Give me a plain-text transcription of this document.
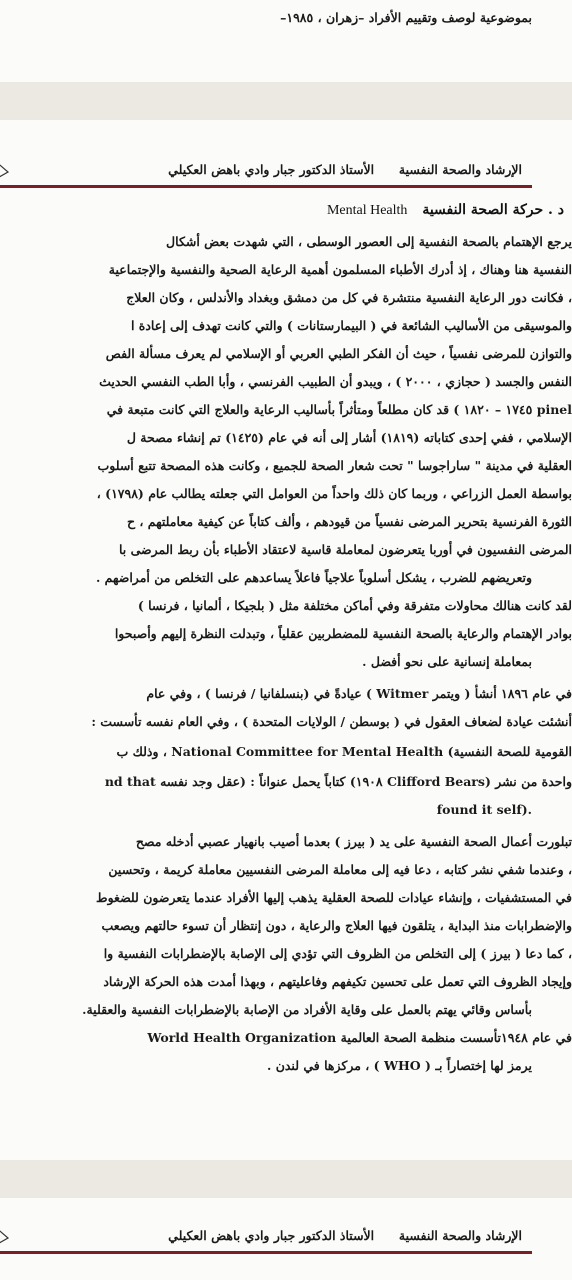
بموضوعية لوصف وتقييم الأفراد –زهران ، ١٩٨٥–
الإرشاد والصحة النفسية  الأستاذ الدكتور جبار وادي باهض العكيلي
د . حركة الصحة النفسية Mental Health
يرجع الإهتمام بالصحة النفسية إلى العصور الوسطى ، التي شهدت بعض أشكال
النفسية هنا وهناك ، إذ أدرك الأطباء المسلمون أهمية الرعاية الصحية والنفسية والإجتماعية
، فكانت دور الرعاية النفسية منتشرة في كل من دمشق وبغداد والأندلس ، وكان العلاج
والموسيقى من الأساليب الشائعة في ( البيمارستانات ) والتي كانت تهدف إلى إعادة ا
والتوازن للمرضى نفسياً ، حيث أن الفكر الطبي العربي أو الإسلامي لم يعرف مسألة الفص
النفس والجسد ( حجازي ، ٢٠٠٠ ) ، ويبدو أن الطبيب الفرنسي ، وأبا الطب النفسي الحديث
pinel ١٧٤٥ – ١٨٢٠ ) قد كان مطلعاً ومتأثراً بأساليب الرعاية والعلاج التي كانت متبعة في
الإسلامي ، ففي إحدى كتاباته (١٨١٩) أشار إلى أنه في عام (١٤٢٥) تم إنشاء مصحة ل
العقلية في مدينة " ساراجوسا " تحت شعار الصحة للجميع ، وكانت هذه المصحة تتبع أسلوب
بواسطة العمل الزراعي ، وربما كان ذلك واحداً من العوامل التي جعلته يطالب عام (١٧٩٨) ،
الثورة الفرنسية بتحرير المرضى نفسياً من قيودهم ، وألف كتاباً عن كيفية معاملتهم ، ح
المرضى النفسيون في أوربا يتعرضون لمعاملة قاسية لاعتقاد الأطباء بأن ربط المرضى با
وتعريضهم للضرب ، يشكل أسلوباً علاجياً فاعلاً يساعدهم على التخلص من أمراضهم .
لقد كانت هنالك محاولات متفرقة وفي أماكن مختلفة مثل ( بلجيكا ، ألمانيا ، فرنسا )
بوادر الإهتمام والرعاية بالصحة النفسية للمضطربين عقلياً ، وتبدلت النظرة إليهم وأصبحوا
بمعاملة إنسانية على نحو أفضل .
في عام ١٨٩٦ أنشأ ( ويتمر Witmer ) عيادةً في (بنسلفانيا / فرنسا ) ، وفي عام
أنشئت عيادة لضعاف العقول في ( بوسطن / الولايات المتحدة ) ، وفي العام نفسه تأسست :
القومية للصحة النفسية) National Committee for Mental Health ، وذلك ب
واحدة من نشر (Clifford Bears ١٩٠٨) كتاباً يحمل عنواناً : (عقل وجد نفسه nd that
.(found it self
تبلورت أعمال الصحة النفسية على يد ( بيرز ) بعدما أصيب بانهيار عصبي أدخله مصح
، وعندما شفي نشر كتابه ، دعا فيه إلى معاملة المرضى النفسيين معاملة كريمة ، وتحسين
في المستشفيات ، وإنشاء عيادات للصحة العقلية يذهب إليها الأفراد عندما يتعرضون للضغوط
والإضطرابات منذ البداية ، يتلقون فيها العلاج والرعاية ، دون إنتظار أن تسوء حالتهم ويصعب
، كما دعا ( بيرز ) إلى التخلص من الظروف التي تؤدي إلى الإصابة بالإضطرابات النفسية وا
وإيجاد الظروف التي تعمل على تحسين تكيفهم وفاعليتهم ، وبهذا أمدت هذه الحركة الإرشاد
بأساس وقائي يهتم بالعمل على وقاية الأفراد من الإصابة بالإضطرابات النفسية والعقلية.
في عام ١٩٤٨تأسست منظمة الصحة العالمية World Health Organization
يرمز لها إختصاراً بـ ( WHO ) ، مركزها في لندن .
الإرشاد والصحة النفسية  الأستاذ الدكتور جبار وادي باهض العكيلي
